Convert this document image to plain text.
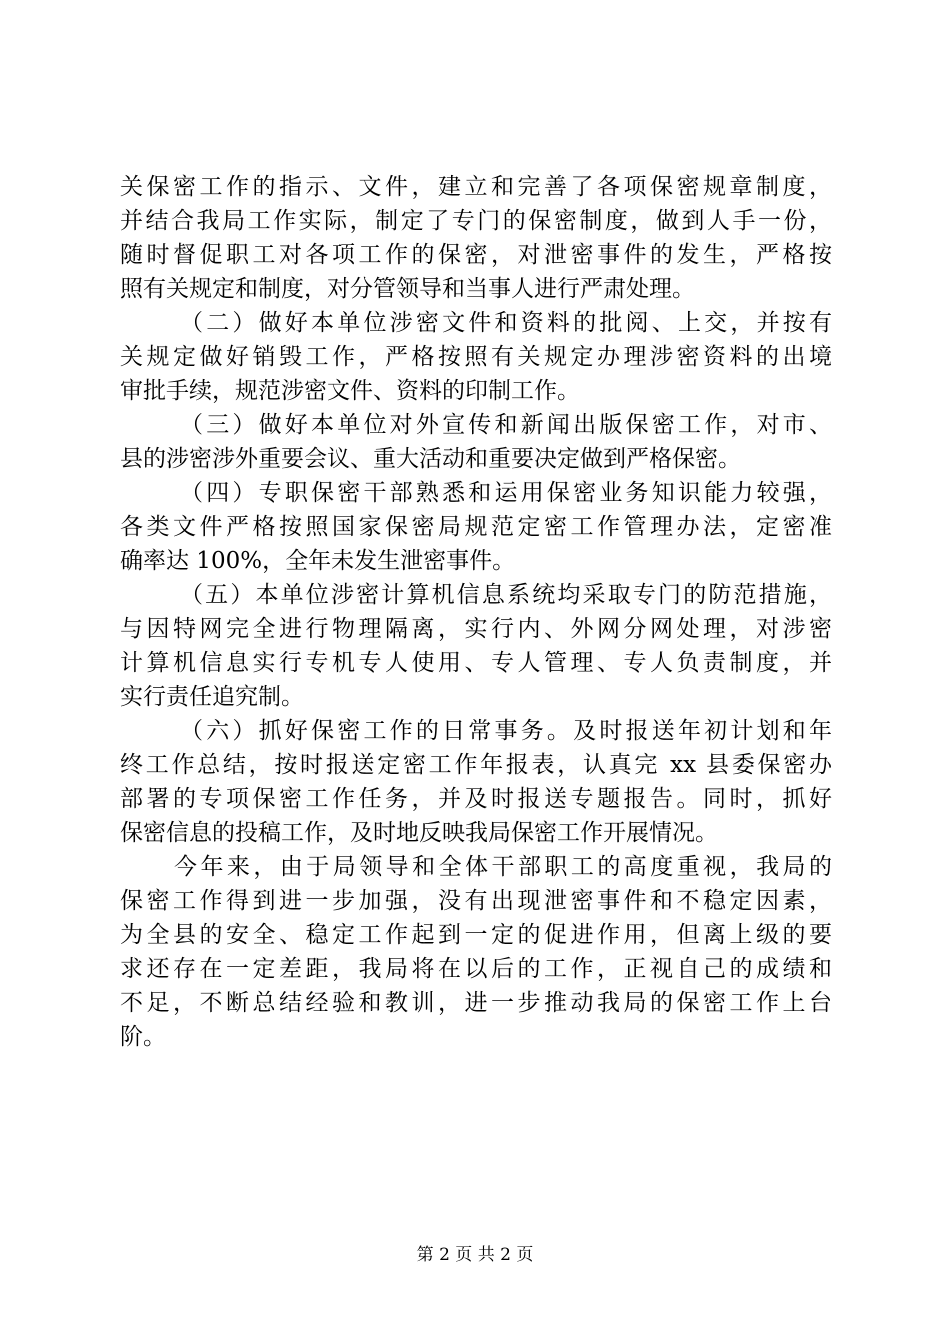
关保密工作的指示、文件，建立和完善了各项保密规章制度，
并结合我局工作实际，制定了专门的保密制度，做到人手一份，
随时督促职工对各项工作的保密，对泄密事件的发生，严格按
照有关规定和制度，对分管领导和当事人进行严肃处理。
（二）做好本单位涉密文件和资料的批阅、上交，并按有
关规定做好销毁工作，严格按照有关规定办理涉密资料的出境
审批手续，规范涉密文件、资料的印制工作。
（三）做好本单位对外宣传和新闻出版保密工作，对市、
县的涉密涉外重要会议、重大活动和重要决定做到严格保密。
（四）专职保密干部熟悉和运用保密业务知识能力较强，
各类文件严格按照国家保密局规范定密工作管理办法，定密准
确率达 100%，全年未发生泄密事件。
（五）本单位涉密计算机信息系统均采取专门的防范措施，
与因特网完全进行物理隔离，实行内、外网分网处理，对涉密
计算机信息实行专机专人使用、专人管理、专人负责制度，并
实行责任追究制。
（六）抓好保密工作的日常事务。及时报送年初计划和年
终工作总结，按时报送定密工作年报表，认真完 xx 县委保密办
部署的专项保密工作任务，并及时报送专题报告。同时，抓好
保密信息的投稿工作，及时地反映我局保密工作开展情况。
今年来，由于局领导和全体干部职工的高度重视，我局的
保密工作得到进一步加强，没有出现泄密事件和不稳定因素，
为全县的安全、稳定工作起到一定的促进作用，但离上级的要
求还存在一定差距，我局将在以后的工作，正视自己的成绩和
不足，不断总结经验和教训，进一步推动我局的保密工作上台
阶。
第 2 页 共 2 页
